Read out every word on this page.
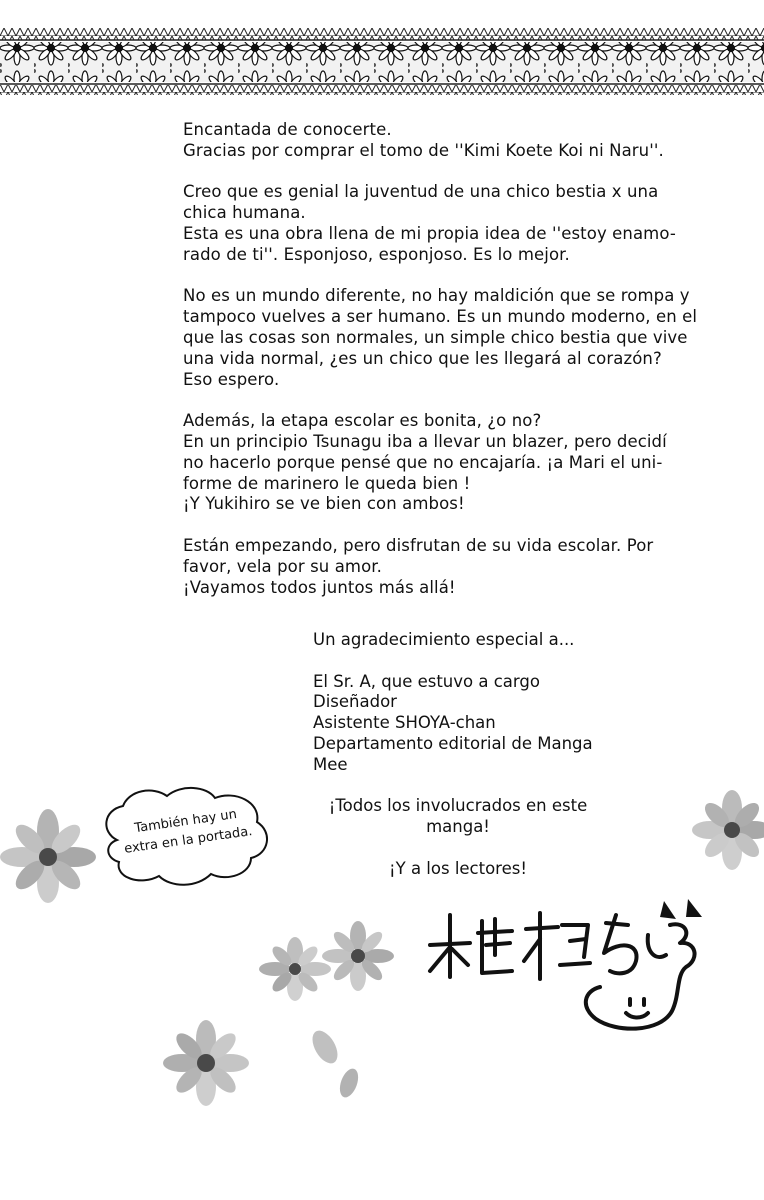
Encantada de conocerte.
Gracias por comprar el tomo de ''Kimi Koete Koi ni Naru''.

Creo que es genial la juventud de una chico bestia x una
chica humana.
Esta es una obra llena de mi propia idea de ''estoy enamo-
rado de ti''. Esponjoso, esponjoso. Es lo mejor.

No es un mundo diferente, no hay maldición que se rompa y
tampoco vuelves a ser humano. Es un mundo moderno, en el
que las cosas son normales, un simple chico bestia que vive
una vida normal, ¿es un chico que les llegará al corazón?
Eso espero.

Además, la etapa escolar es bonita, ¿o no?
En un principio Tsunagu iba a llevar un blazer, pero decidí
no hacerlo porque pensé que no encajaría. ¡a Mari el uni-
forme de marinero le queda bien !
¡Y Yukihiro se ve bien con ambos!

Están empezando, pero disfrutan de su vida escolar. Por
favor, vela por su amor.
¡Vayamos todos juntos más allá!

Un agradecimiento especial a...
El Sr. A, que estuvo a cargo
Diseñador
Asistente SHOYA-chan
Departamento editorial de Manga
Mee
¡Todos los involucrados en este
manga!
¡Y a los lectores!
También hay un
extra en la portada.
